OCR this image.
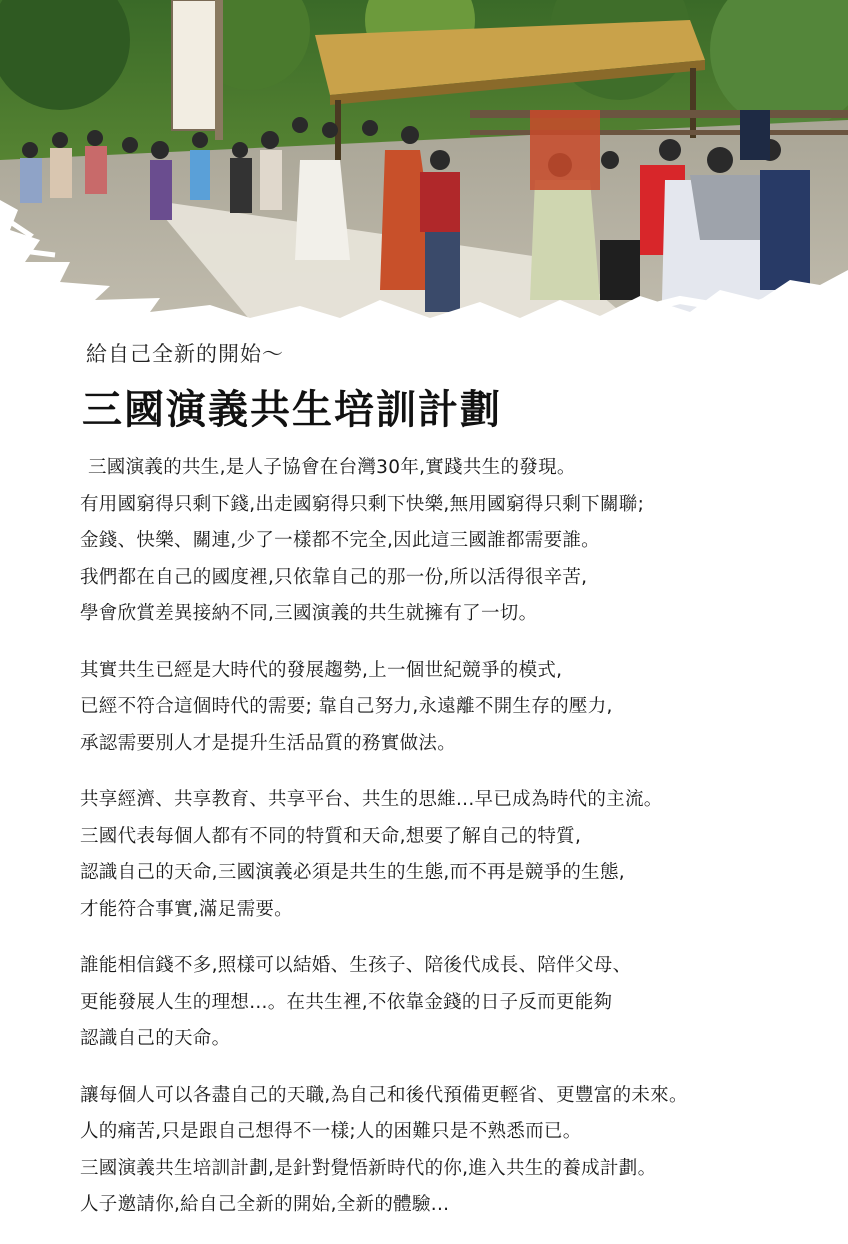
給自己全新的開始～
三國演義共生培訓計劃
三國演義的共生,是人子協會在台灣30年,實踐共生的發現。
有用國窮得只剩下錢,出走國窮得只剩下快樂,無用國窮得只剩下關聯;
金錢、快樂、關連,少了一樣都不完全,因此這三國誰都需要誰。
我們都在自己的國度裡,只依靠自己的那一份,所以活得很辛苦,
學會欣賞差異接納不同,三國演義的共生就擁有了一切。
其實共生已經是大時代的發展趨勢,上一個世紀競爭的模式,
已經不符合這個時代的需要; 靠自己努力,永遠離不開生存的壓力,
承認需要別人才是提升生活品質的務實做法。
共享經濟、共享教育、共享平台、共生的思維...早已成為時代的主流。
三國代表每個人都有不同的特質和天命,想要了解自己的特質,
認識自己的天命,三國演義必須是共生的生態,而不再是競爭的生態,
才能符合事實,滿足需要。
誰能相信錢不多,照樣可以結婚、生孩子、陪後代成長、陪伴父母、
更能發展人生的理想...。在共生裡,不依靠金錢的日子反而更能夠
認識自己的天命。
讓每個人可以各盡自己的天職,為自己和後代預備更輕省、更豐富的未來。
人的痛苦,只是跟自己想得不一樣;人的困難只是不熟悉而已。
三國演義共生培訓計劃,是針對覺悟新時代的你,進入共生的養成計劃。
人子邀請你,給自己全新的開始,全新的體驗...
